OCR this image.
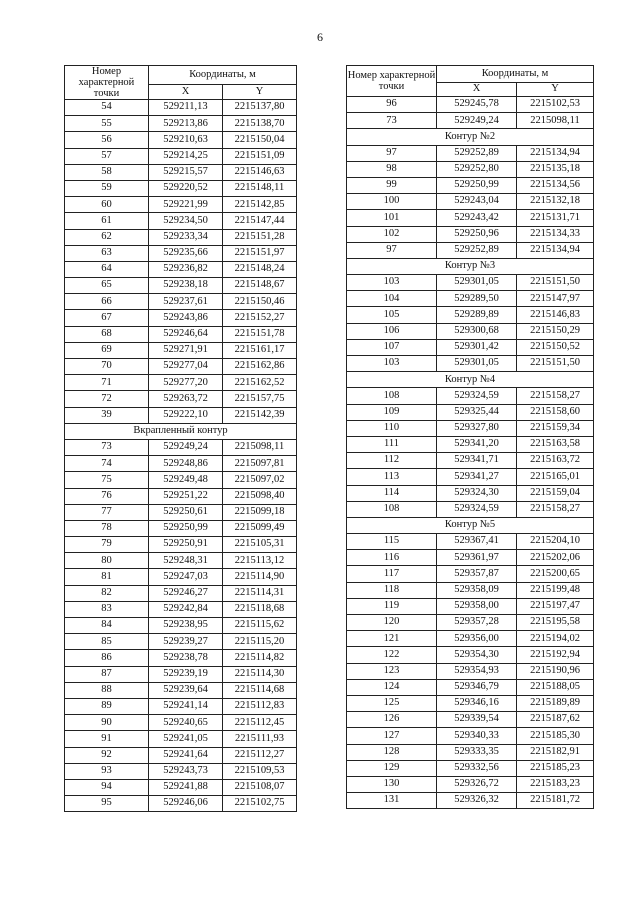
6
Номер характерной точки	Координаты, м	
	X	Y
54	529211,13	2215137,80
55	529213,86	2215138,70
56	529210,63	2215150,04
57	529214,25	2215151,09
58	529215,57	2215146,63
59	529220,52	2215148,11
60	529221,99	2215142,85
61	529234,50	2215147,44
62	529233,34	2215151,28
63	529235,66	2215151,97
64	529236,82	2215148,24
65	529238,18	2215148,67
66	529237,61	2215150,46
67	529243,86	2215152,27
68	529246,64	2215151,78
69	529271,91	2215161,17
70	529277,04	2215162,86
71	529277,20	2215162,52
72	529263,72	2215157,75
39	529222,10	2215142,39
Вкрапленный контур		
73	529249,24	2215098,11
74	529248,86	2215097,81
75	529249,48	2215097,02
76	529251,22	2215098,40
77	529250,61	2215099,18
78	529250,99	2215099,49
79	529250,91	2215105,31
80	529248,31	2215113,12
81	529247,03	2215114,90
82	529246,27	2215114,31
83	529242,84	2215118,68
84	529238,95	2215115,62
85	529239,27	2215115,20
86	529238,78	2215114,82
87	529239,19	2215114,30
88	529239,64	2215114,68
89	529241,14	2215112,83
90	529240,65	2215112,45
91	529241,05	2215111,93
92	529241,64	2215112,27
93	529243,73	2215109,53
94	529241,88	2215108,07
95	529246,06	2215102,75
Номер характерной точки	Координаты, м	
	X	Y
96	529245,78	2215102,53
73	529249,24	2215098,11
Контур №2		
97	529252,89	2215134,94
98	529252,80	2215135,18
99	529250,99	2215134,56
100	529243,04	2215132,18
101	529243,42	2215131,71
102	529250,96	2215134,33
97	529252,89	2215134,94
Контур №3		
103	529301,05	2215151,50
104	529289,50	2215147,97
105	529289,89	2215146,83
106	529300,68	2215150,29
107	529301,42	2215150,52
103	529301,05	2215151,50
Контур №4		
108	529324,59	2215158,27
109	529325,44	2215158,60
110	529327,80	2215159,34
111	529341,20	2215163,58
112	529341,71	2215163,72
113	529341,27	2215165,01
114	529324,30	2215159,04
108	529324,59	2215158,27
Контур №5		
115	529367,41	2215204,10
116	529361,97	2215202,06
117	529357,87	2215200,65
118	529358,09	2215199,48
119	529358,00	2215197,47
120	529357,28	2215195,58
121	529356,00	2215194,02
122	529354,30	2215192,94
123	529354,93	2215190,96
124	529346,79	2215188,05
125	529346,16	2215189,89
126	529339,54	2215187,62
127	529340,33	2215185,30
128	529333,35	2215182,91
129	529332,56	2215185,23
130	529326,72	2215183,23
131	529326,32	2215181,72
